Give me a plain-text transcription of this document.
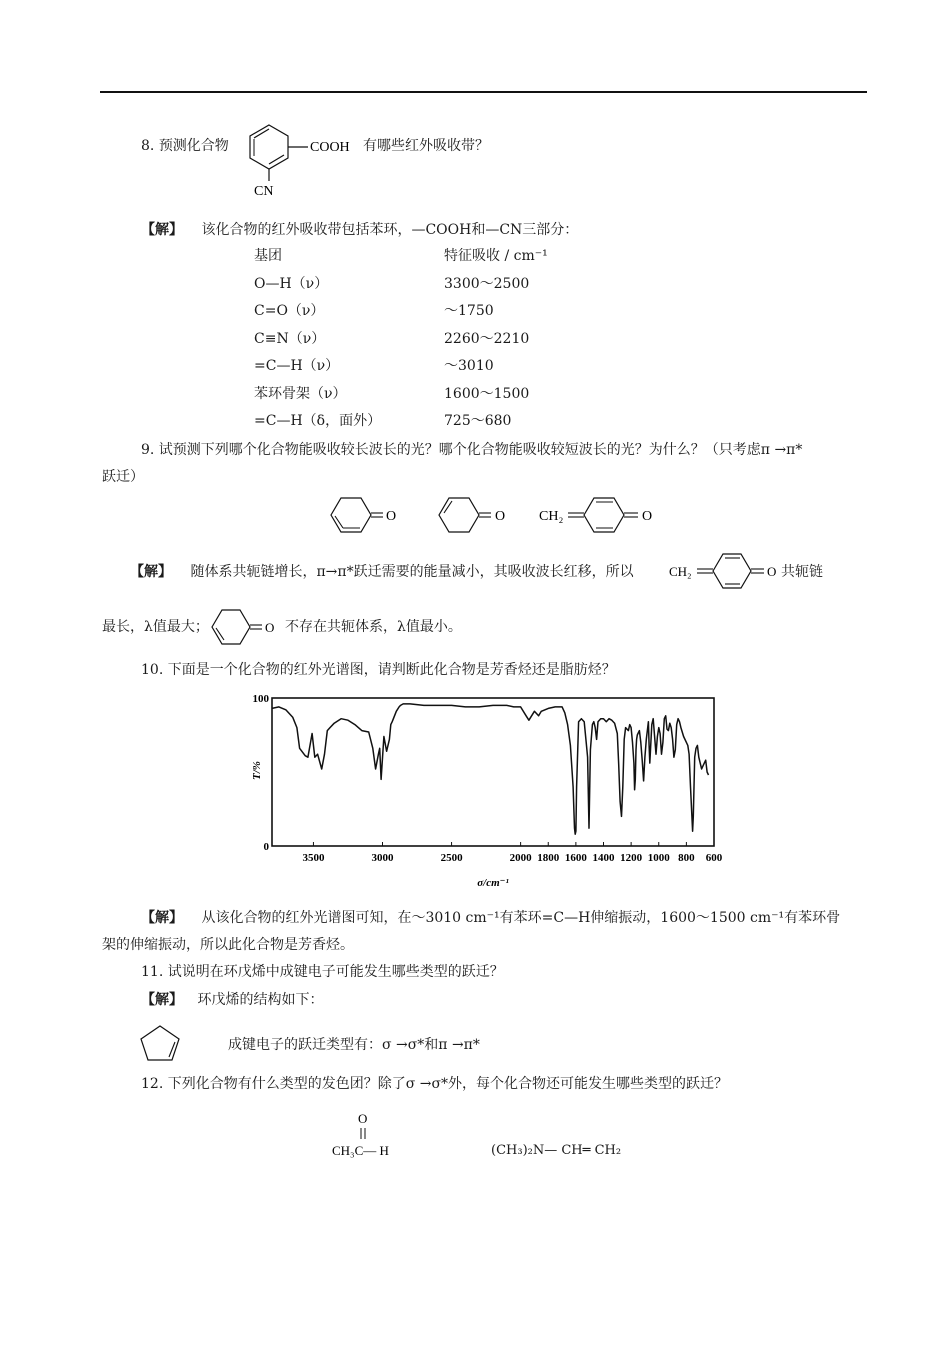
8. 预测化合物	COOH
CN
有哪些红外吸收带？
【解】 该化合物的红外吸收带包括苯环，—COOH和—CN三部分：
基团	特征吸收 / cm⁻¹
O—H（ν）	3300～2500
C=O（ν）	～1750
C≡N（ν）	2260～2210
=C—H（ν）	～3010
苯环骨架（ν）	1600～1500
=C—H（δ，面外）	725～680
9. 试预测下列哪个化合物能吸收较长波长的光？哪个化合物能吸收较短波长的光？为什么？（只考虑π →π*
跃迁）
O	O CH₂	O
【解】 随体系共轭链增长，π→π*跃迁需要的能量减小，其吸收波长红移，所以	CH₂	O 共轭链
最长，λ值最大；	O 不存在共轭体系，λ值最小。
10. 下面是一个化合物的红外光谱图，请判断此化合物是芳香烃还是脂肪烃？
3500	3000	2500	2000 1800 1600 1400 1200 1000 800 600
0
100
T/%
σ/cm⁻¹
【解】 从该化合物的红外光谱图可知，在～3010 cm⁻¹有苯环=C—H伸缩振动，1600～1500 cm⁻¹有苯环骨
架的伸缩振动，所以此化合物是芳香烃。
11. 试说明在环戊烯中成键电子可能发生哪些类型的跃迁？
【解】 环戊烯的结构如下：
成键电子的跃迁类型有：σ →σ*和π →π*
12. 下列化合物有什么类型的发色团？除了σ →σ*外，每个化合物还可能发生哪些类型的跃迁？
O
CH₃C— H	(CH₃)₂N— CH═ CH₂
